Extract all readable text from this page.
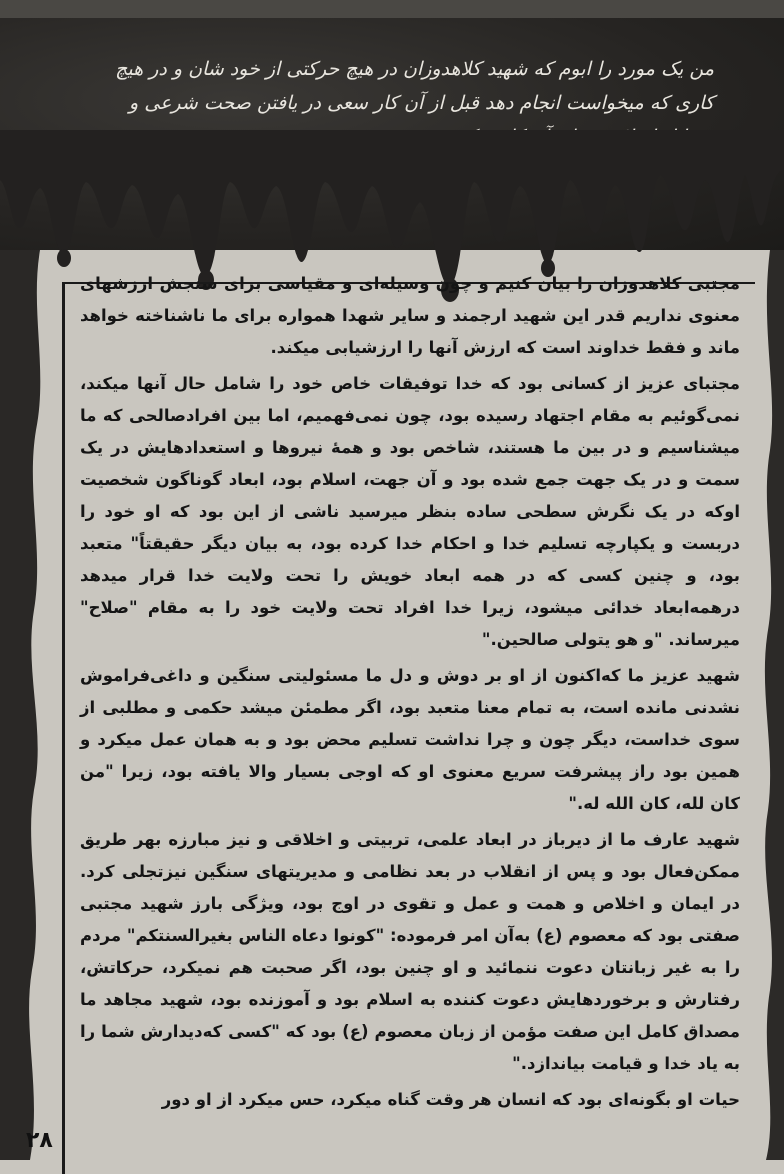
من یک مورد را ابوم که شهید کلاهدوزان در هیچ حرکتی از خود شان و در هیچ کاری که میخواست انجام دهد قبل از آن کار سعی در یافتن صحت شرعی و

مجتبی کلاهدوزان را بیان کنیم و چون وسیله‌ای و مقیاسی برای سنجش ارزشهای معنوی نداریم قدر این شهید ارجمند و سایر شهدا همواره برای ما ناشناخته خواهد ماند و فقط خداوند است که ارزش آنها را ارزشیابی میکند.

مجتبای عزیز از کسانی بود که خدا توفیقات خاص خود را شامل حال آنها میکند، نمی‌گوئیم به مقام اجتهاد رسیده بود، چون نمی‌فهمیم، اما بین افرادصالحی که ما میشناسیم و در بین ما هستند، شاخص بود و همهٔ نیروها و استعدادهایش در یک سمت و در یک جهت جمع شده بود و آن جهت، اسلام بود، ابعاد گوناگون شخصیت اوکه در یک نگرش سطحی ساده بنظر میرسید ناشی از این بود که او خود را دربست و یکپارچه تسلیم خدا و احکام خدا کرده بود، به بیان دیگر حقیقتاً" متعبد بود، و چنین کسی که در همه ابعاد خویش را تحت ولایت خدا قرار میدهد درهمه‌ابعاد خدائی میشود، زیرا خدا افراد تحت ولایت خود را به مقام "صلاح" میرساند. "و هو یتولی صالحین."

شهید عزیز ما که‌اکنون از او بر دوش و دل ما مسئولیتی سنگین و داغی‌فراموش نشدنی مانده است، به تمام معنا متعبد بود، اگر مطمئن میشد حکمی و مطلبی از سوی خداست، دیگر چون و چرا نداشت تسلیم محض بود و به همان عمل میکرد و همین بود راز پیشرفت سریع معنوی او که اوجی بسیار والا یافته بود، زیرا "من کان لله، کان الله له."

شهید عارف ما از دیرباز در ابعاد علمی، تربیتی و اخلاقی و نیز مبارزه بهر طریق ممکن‌فعال بود و پس از انقلاب در بعد نظامی و مدیریتهای سنگین نیزتجلی کرد. در ایمان و اخلاص و همت و عمل و تقوی در اوج بود، ویژگی بارز شهید مجتبی صفتی بود که معصوم (ع) به‌آن امر فرموده: "کونوا دعاه الناس بغیرالسنتکم" مردم را به غیر زبانتان دعوت ننمائید و او چنین بود، اگر صحبت هم نمیکرد، حرکاتش، رفتارش و برخوردهایش دعوت کننده به اسلام بود و آموزنده بود، شهید مجاهد ما مصداق کامل این صفت مؤمن از زبان معصوم (ع) بود که "کسی که‌دیدارش شما را به یاد خدا و قیامت بیاندازد."

حیات او بگونه‌ای بود که انسان هر وقت گناه میکرد، حس میکرد از او دور

۲۸
